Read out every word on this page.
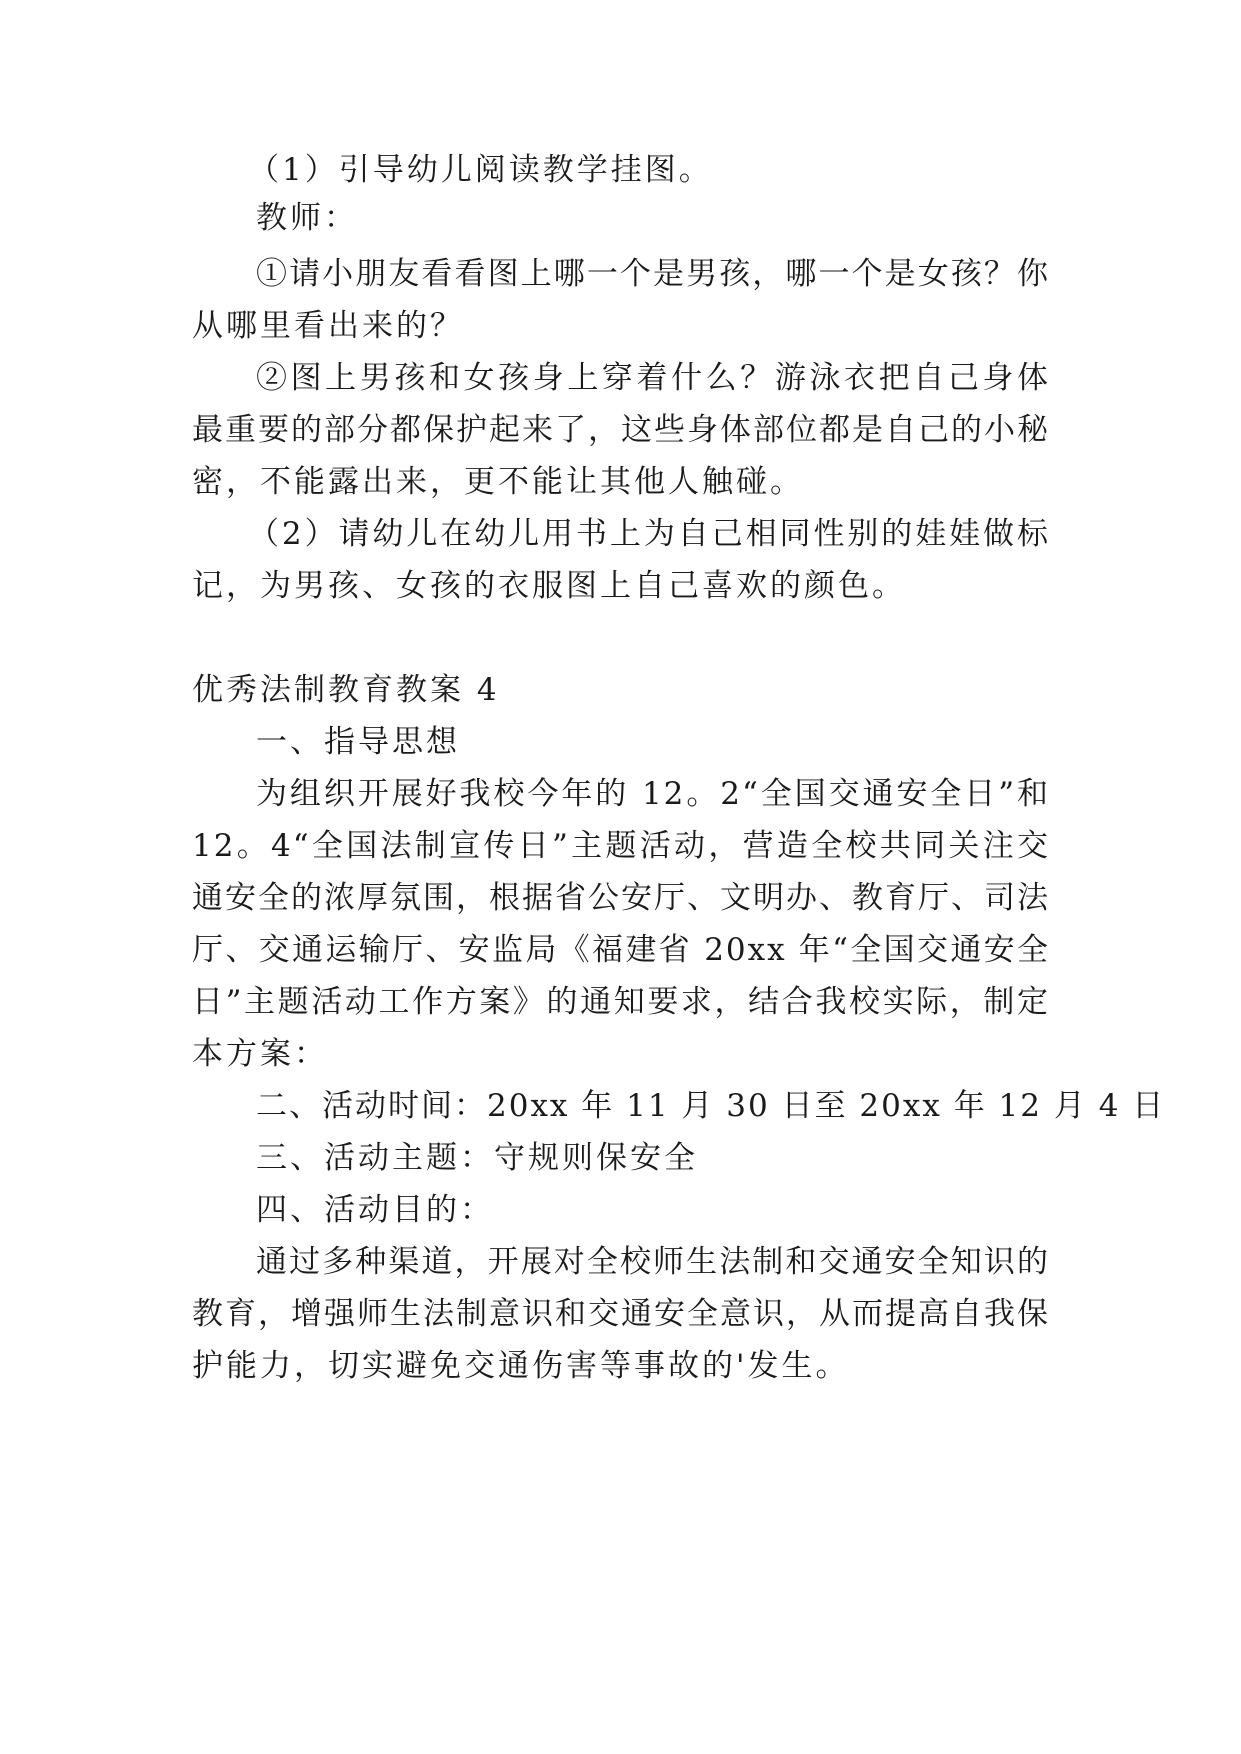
（1）引导幼儿阅读教学挂图。
教师：
①请小朋友看看图上哪一个是男孩，哪一个是女孩？你
从哪里看出来的？
②图上男孩和女孩身上穿着什么？游泳衣把自己身体
最重要的部分都保护起来了，这些身体部位都是自己的小秘
密，不能露出来，更不能让其他人触碰。
（2）请幼儿在幼儿用书上为自己相同性别的娃娃做标
记，为男孩、女孩的衣服图上自己喜欢的颜色。
优秀法制教育教案 4
一、指导思想
为组织开展好我校今年的 12。2“全国交通安全日”和
12。4“全国法制宣传日”主题活动，营造全校共同关注交
通安全的浓厚氛围，根据省公安厅、文明办、教育厅、司法
厅、交通运输厅、安监局《福建省 20xx 年“全国交通安全
日”主题活动工作方案》的通知要求，结合我校实际，制定
本方案：
二、活动时间：20xx 年 11 月 30 日至 20xx 年 12 月 4 日
三、活动主题：守规则保安全
四、活动目的：
通过多种渠道，开展对全校师生法制和交通安全知识的
教育，增强师生法制意识和交通安全意识，从而提高自我保
护能力，切实避免交通伤害等事故的'发生。
